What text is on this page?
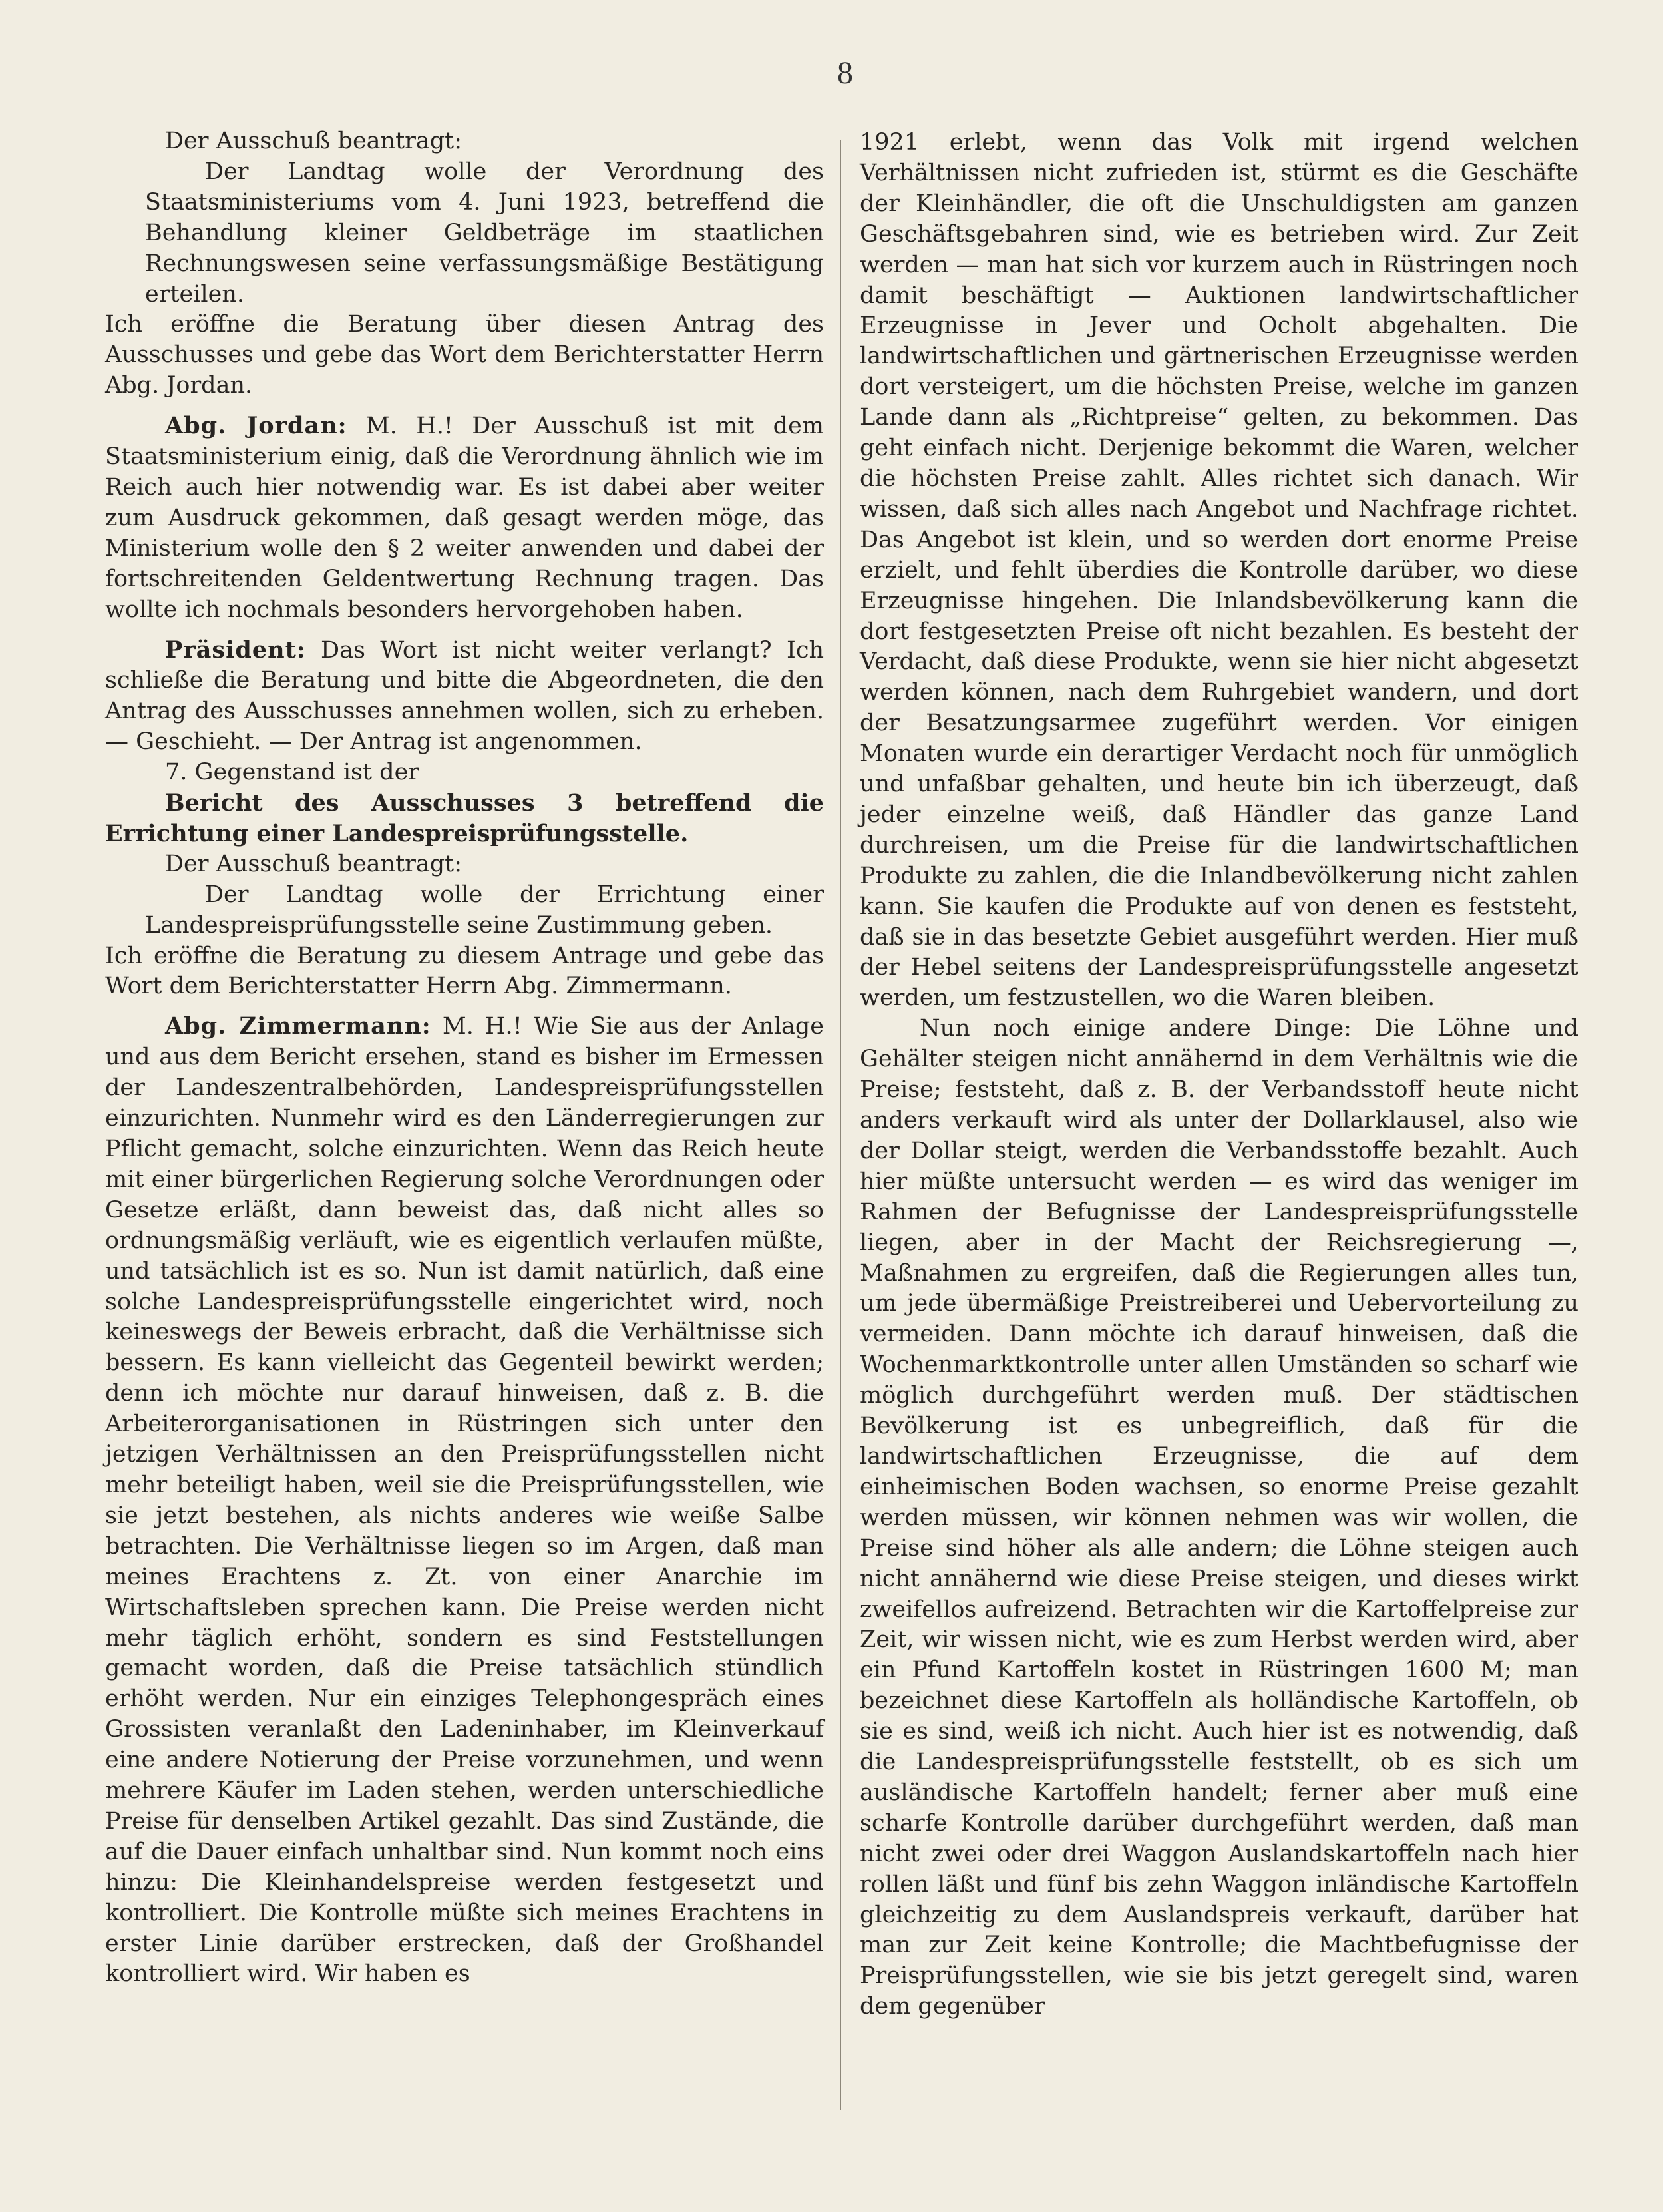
8

Der Ausschuß beantragt:

Der Landtag wolle der Verordnung des Staatsministeriums vom 4. Juni 1923, betreffend die Behandlung kleiner Geldbeträge im staatlichen Rechnungswesen seine verfassungsmäßige Bestätigung erteilen.

Ich eröffne die Beratung über diesen Antrag des Ausschusses und gebe das Wort dem Berichterstatter Herrn Abg. Jordan.

Abg. Jordan: M. H.! Der Ausschuß ist mit dem Staatsministerium einig, daß die Verordnung ähnlich wie im Reich auch hier notwendig war. Es ist dabei aber weiter zum Ausdruck gekommen, daß gesagt werden möge, das Ministerium wolle den § 2 weiter anwenden und dabei der fortschreitenden Geldentwertung Rechnung tragen. Das wollte ich nochmals besonders hervorgehoben haben.

Präsident: Das Wort ist nicht weiter verlangt? Ich schließe die Beratung und bitte die Abgeordneten, die den Antrag des Ausschusses annehmen wollen, sich zu erheben. — Geschieht. — Der Antrag ist angenommen.

7. Gegenstand ist der

Bericht des Ausschusses 3 betreffend die Errichtung einer Landespreisprüfungsstelle.

Der Ausschuß beantragt:

Der Landtag wolle der Errichtung einer Landespreisprüfungsstelle seine Zustimmung geben.

Ich eröffne die Beratung zu diesem Antrage und gebe das Wort dem Berichterstatter Herrn Abg. Zimmermann.

Abg. Zimmermann: M. H.! Wie Sie aus der Anlage und aus dem Bericht ersehen, stand es bisher im Ermessen der Landeszentralbehörden, Landespreisprüfungsstellen einzurichten. Nunmehr wird es den Länderregierungen zur Pflicht gemacht, solche einzurichten. Wenn das Reich heute mit einer bürgerlichen Regierung solche Verordnungen oder Gesetze erläßt, dann beweist das, daß nicht alles so ordnungsmäßig verläuft, wie es eigentlich verlaufen müßte, und tatsächlich ist es so. Nun ist damit natürlich, daß eine solche Landespreisprüfungsstelle eingerichtet wird, noch keineswegs der Beweis erbracht, daß die Verhältnisse sich bessern. Es kann vielleicht das Gegenteil bewirkt werden; denn ich möchte nur darauf hinweisen, daß z. B. die Arbeiterorganisationen in Rüstringen sich unter den jetzigen Verhältnissen an den Preisprüfungsstellen nicht mehr beteiligt haben, weil sie die Preisprüfungsstellen, wie sie jetzt bestehen, als nichts anderes wie weiße Salbe betrachten. Die Verhältnisse liegen so im Argen, daß man meines Erachtens z. Zt. von einer Anarchie im Wirtschaftsleben sprechen kann. Die Preise werden nicht mehr täglich erhöht, sondern es sind Feststellungen gemacht worden, daß die Preise tatsächlich stündlich erhöht werden. Nur ein einziges Telephongespräch eines Grossisten veranlaßt den Ladeninhaber, im Kleinverkauf eine andere Notierung der Preise vorzunehmen, und wenn mehrere Käufer im Laden stehen, werden unterschiedliche Preise für denselben Artikel gezahlt. Das sind Zustände, die auf die Dauer einfach unhaltbar sind. Nun kommt noch eins hinzu: Die Kleinhandelspreise werden festgesetzt und kontrolliert. Die Kontrolle müßte sich meines Erachtens in erster Linie darüber erstrecken, daß der Großhandel kontrolliert wird. Wir haben es

1921 erlebt, wenn das Volk mit irgend welchen Verhältnissen nicht zufrieden ist, stürmt es die Geschäfte der Kleinhändler, die oft die Unschuldigsten am ganzen Geschäftsgebahren sind, wie es betrieben wird. Zur Zeit werden — man hat sich vor kurzem auch in Rüstringen noch damit beschäftigt — Auktionen landwirtschaftlicher Erzeugnisse in Jever und Ocholt abgehalten. Die landwirtschaftlichen und gärtnerischen Erzeugnisse werden dort versteigert, um die höchsten Preise, welche im ganzen Lande dann als „Richtpreise“ gelten, zu bekommen. Das geht einfach nicht. Derjenige bekommt die Waren, welcher die höchsten Preise zahlt. Alles richtet sich danach. Wir wissen, daß sich alles nach Angebot und Nachfrage richtet. Das Angebot ist klein, und so werden dort enorme Preise erzielt, und fehlt überdies die Kontrolle darüber, wo diese Erzeugnisse hingehen. Die Inlandsbevölkerung kann die dort festgesetzten Preise oft nicht bezahlen. Es besteht der Verdacht, daß diese Produkte, wenn sie hier nicht abgesetzt werden können, nach dem Ruhrgebiet wandern, und dort der Besatzungsarmee zugeführt werden. Vor einigen Monaten wurde ein derartiger Verdacht noch für unmöglich und unfaßbar gehalten, und heute bin ich überzeugt, daß jeder einzelne weiß, daß Händler das ganze Land durchreisen, um die Preise für die landwirtschaftlichen Produkte zu zahlen, die die Inlandbevölkerung nicht zahlen kann. Sie kaufen die Produkte auf von denen es feststeht, daß sie in das besetzte Gebiet ausgeführt werden. Hier muß der Hebel seitens der Landespreisprüfungsstelle angesetzt werden, um festzustellen, wo die Waren bleiben.

Nun noch einige andere Dinge: Die Löhne und Gehälter steigen nicht annähernd in dem Verhältnis wie die Preise; feststeht, daß z. B. der Verbandsstoff heute nicht anders verkauft wird als unter der Dollarklausel, also wie der Dollar steigt, werden die Verbandsstoffe bezahlt. Auch hier müßte untersucht werden — es wird das weniger im Rahmen der Befugnisse der Landespreisprüfungsstelle liegen, aber in der Macht der Reichsregierung —, Maßnahmen zu ergreifen, daß die Regierungen alles tun, um jede übermäßige Preistreiberei und Uebervorteilung zu vermeiden. Dann möchte ich darauf hinweisen, daß die Wochenmarktkontrolle unter allen Umständen so scharf wie möglich durchgeführt werden muß. Der städtischen Bevölkerung ist es unbegreiflich, daß für die landwirtschaftlichen Erzeugnisse, die auf dem einheimischen Boden wachsen, so enorme Preise gezahlt werden müssen, wir können nehmen was wir wollen, die Preise sind höher als alle andern; die Löhne steigen auch nicht annähernd wie diese Preise steigen, und dieses wirkt zweifellos aufreizend. Betrachten wir die Kartoffelpreise zur Zeit, wir wissen nicht, wie es zum Herbst werden wird, aber ein Pfund Kartoffeln kostet in Rüstringen 1600 M; man bezeichnet diese Kartoffeln als holländische Kartoffeln, ob sie es sind, weiß ich nicht. Auch hier ist es notwendig, daß die Landespreisprüfungsstelle feststellt, ob es sich um ausländische Kartoffeln handelt; ferner aber muß eine scharfe Kontrolle darüber durchgeführt werden, daß man nicht zwei oder drei Waggon Auslandskartoffeln nach hier rollen läßt und fünf bis zehn Waggon inländische Kartoffeln gleichzeitig zu dem Auslandspreis verkauft, darüber hat man zur Zeit keine Kontrolle; die Machtbefugnisse der Preisprüfungsstellen, wie sie bis jetzt geregelt sind, waren dem gegenüber
